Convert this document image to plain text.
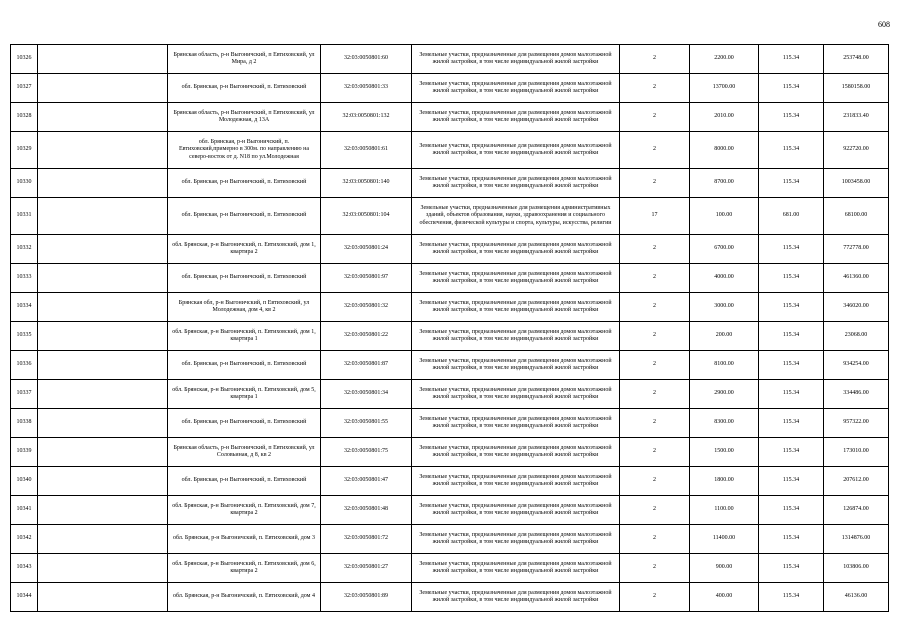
608
10326		Брянская область, р-н Выгоничский, п Евтиховский, ул Мира, д 2	32:03:0050801:60	Земельные участки, предназначенные для размещения домов малоэтажной жилой застройки, в том числе индивидуальной жилой застройки	2	2200.00	115.34	253748.00
10327		обл. Брянская, р-н Выгоничский, п. Евтиховский	32:03:0050801:33	Земельные участки, предназначенные для размещения домов малоэтажной жилой застройки, в том числе индивидуальной жилой застройки	2	13700.00	115.34	1580158.00
10328		Брянская область, р-н Выгоничский, п Евтиховский, ул Молодежная, д 13А	32:03:0050801:132	Земельные участки, предназначенные для размещения домов малоэтажной жилой застройки, в том числе индивидуальной жилой застройки	2	2010.00	115.34	231833.40
10329		обл. Брянская, р-н Выгоничский, п. Евтиховский,примерно в 300м. по направлению на северо-восток от д. N18 по ул.Молодежная	32:03:0050801:61	Земельные участки, предназначенные для размещения домов малоэтажной жилой застройки, в том числе индивидуальной жилой застройки	2	8000.00	115.34	922720.00
10330		обл. Брянская, р-н Выгоничский, п. Евтиховский	32:03:0050801:140	Земельные участки, предназначенные для размещения домов малоэтажной жилой застройки, в том числе индивидуальной жилой застройки	2	8700.00	115.34	1003458.00
10331		обл. Брянская, р-н Выгоничский, п. Евтиховский	32:03:0050801:104	Земельные участки, предназначенные для размещения административных зданий, объектов образования, науки, здравоохранения и социального обеспечения, физической культуры и спорта, культуры, искусства, религии	17	100.00	681.00	68100.00
10332		обл. Брянская, р-н Выгоничский, п. Евтиховский, дом 1, квартира 2	32:03:0050801:24	Земельные участки, предназначенные для размещения домов малоэтажной жилой застройки, в том числе индивидуальной жилой застройки	2	6700.00	115.34	772778.00
10333		обл. Брянская, р-н Выгоничский, п. Евтиховский	32:03:0050801:97	Земельные участки, предназначенные для размещения домов малоэтажной жилой застройки, в том числе индивидуальной жилой застройки	2	4000.00	115.34	461360.00
10334		Брянская обл, р-н Выгоничский, п Евтиховский, ул Молодежная, дом 4, кв 2	32:03:0050801:32	Земельные участки, предназначенные для размещения домов малоэтажной жилой застройки, в том числе индивидуальной жилой застройки	2	3000.00	115.34	346020.00
10335		обл. Брянская, р-н Выгоничский, п. Евтиховский, дом 1, квартира 1	32:03:0050801:22	Земельные участки, предназначенные для размещения домов малоэтажной жилой застройки, в том числе индивидуальной жилой застройки	2	200.00	115.34	23068.00
10336		обл. Брянская, р-н Выгоничский, п. Евтиховский	32:03:0050801:87	Земельные участки, предназначенные для размещения домов малоэтажной жилой застройки, в том числе индивидуальной жилой застройки	2	8100.00	115.34	934254.00
10337		обл. Брянская, р-н Выгоничский, п. Евтиховский, дом 5, квартира 1	32:03:0050801:34	Земельные участки, предназначенные для размещения домов малоэтажной жилой застройки, в том числе индивидуальной жилой застройки	2	2900.00	115.34	334486.00
10338		обл. Брянская, р-н Выгоничский, п. Евтиховский	32:03:0050801:55	Земельные участки, предназначенные для размещения домов малоэтажной жилой застройки, в том числе индивидуальной жилой застройки	2	8300.00	115.34	957322.00
10339		Брянская область, р-н Выгоничский, п Евтиховский, ул Соловьиная, д 8, кв 2	32:03:0050801:75	Земельные участки, предназначенные для размещения домов малоэтажной жилой застройки, в том числе индивидуальной жилой застройки	2	1500.00	115.34	173010.00
10340		обл. Брянская, р-н Выгоничский, п. Евтиховский	32:03:0050801:47	Земельные участки, предназначенные для размещения домов малоэтажной жилой застройки, в том числе индивидуальной жилой застройки	2	1800.00	115.34	207612.00
10341		обл. Брянская, р-н Выгоничский, п. Евтиховский, дом 7, квартира 2	32:03:0050801:48	Земельные участки, предназначенные для размещения домов малоэтажной жилой застройки, в том числе индивидуальной жилой застройки	2	1100.00	115.34	126874.00
10342		обл. Брянская, р-н Выгоничский, п. Евтиховский, дом 3	32:03:0050801:72	Земельные участки, предназначенные для размещения домов малоэтажной жилой застройки, в том числе индивидуальной жилой застройки	2	11400.00	115.34	1314876.00
10343		обл. Брянская, р-н Выгоничский, п. Евтиховский, дом 6, квартира 2	32:03:0050801:27	Земельные участки, предназначенные для размещения домов малоэтажной жилой застройки, в том числе индивидуальной жилой застройки	2	900.00	115.34	103806.00
10344		обл. Брянская, р-н Выгоничский, п. Евтиховский, дом 4	32:03:0050801:89	Земельные участки, предназначенные для размещения домов малоэтажной жилой застройки, в том числе индивидуальной жилой застройки	2	400.00	115.34	46136.00
